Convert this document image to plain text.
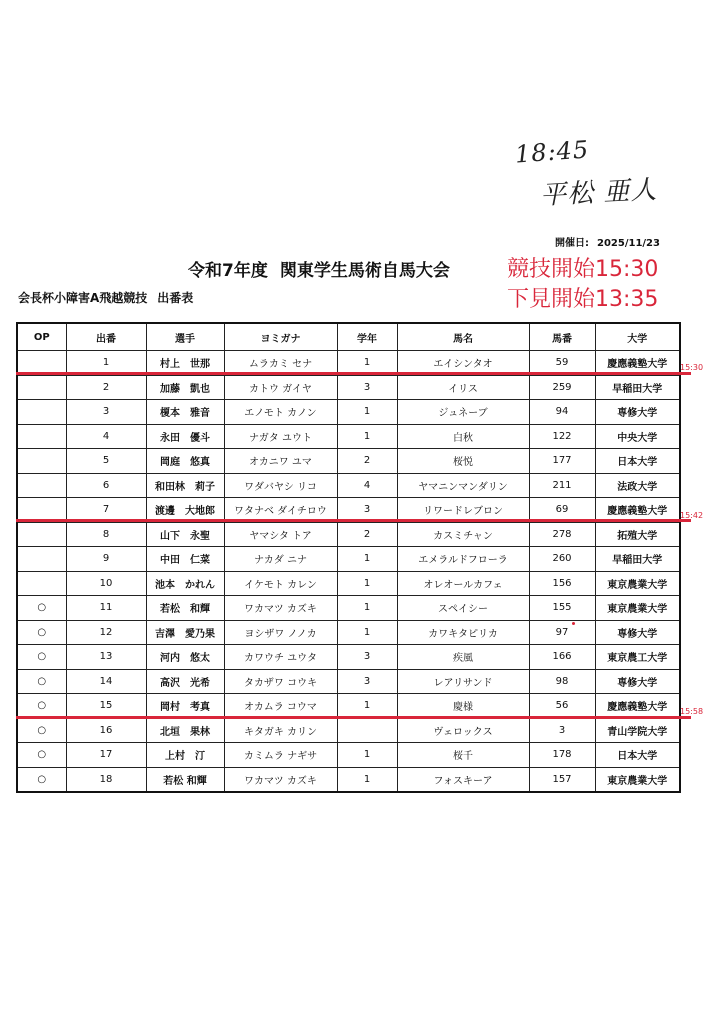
18:45
平松 亜人
開催日: 2025/11/23
令和7年度 関東学生馬術自馬大会	競技開始15:30
下見開始13:35
会長杯小障害A飛越競技 出番表
OP	出番	選手	ヨミガナ	学年	馬名	馬番	大学
	1	村上　世那	ムラカミ セナ	1	エイシンタオ	59	慶應義塾大学
	2	加藤　凱也	カトウ ガイヤ	3	イリス	259	早稲田大学
	3	榎本　雅音	エノモト カノン	1	ジュネーブ	94	専修大学
	4	永田　優斗	ナガタ ユウト	1	白秋	122	中央大学
	5	岡庭　悠真	オカニワ ユマ	2	桜悦	177	日本大学
	6	和田林　莉子	ワダバヤシ リコ	4	ヤマニンマンダリン	211	法政大学
	7	渡邊　大地郎	ワタナベ ダイチロウ	3	リワードレブロン	69	慶應義塾大学
	8	山下　永聖	ヤマシタ トア	2	カスミチャン	278	拓殖大学
	9	中田　仁菜	ナカダ ニナ	1	エメラルドフローラ	260	早稲田大学
	10	池本　かれん	イケモト カレン	1	オレオールカフェ	156	東京農業大学
○	11	若松　和輝	ワカマツ カズキ	1	スペイシー	155	東京農業大学
○	12	吉澤　愛乃果	ヨシザワ ノノカ	1	カワキタピリカ	97	専修大学
○	13	河内　悠太	カワウチ ユウタ	3	疾風	166	東京農工大学
○	14	高沢　光希	タカザワ コウキ	3	レアリサンド	98	専修大学
○	15	岡村　考真	オカムラ コウマ	1	慶様	56	慶應義塾大学
○	16	北垣　果林	キタガキ カリン		ヴェロックス	3	青山学院大学
○	17	上村　汀	カミムラ ナギサ	1	桜千	178	日本大学
○	18	若松 和輝	ワカマツ カズキ	1	フォスキーア	157	東京農業大学
15:30
15:42
15:58
